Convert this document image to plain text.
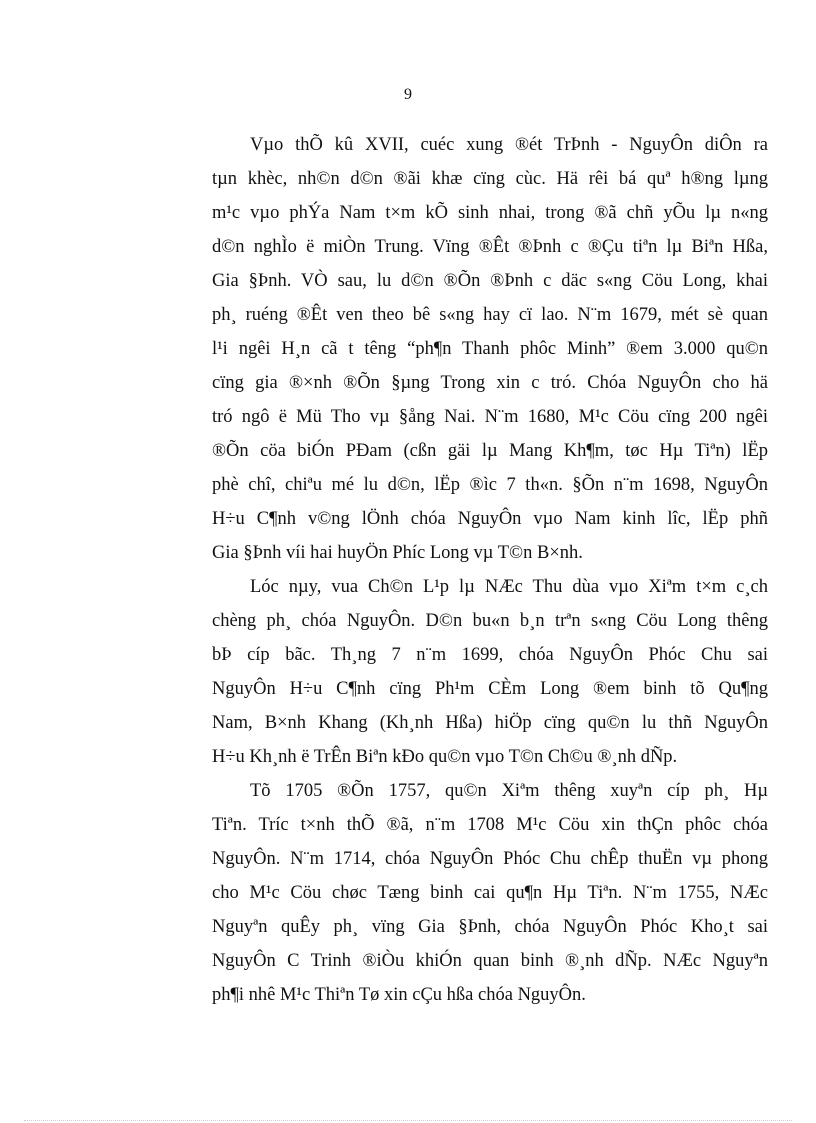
9

Vµo thÕ kû XVII, cuéc xung ®ét TrÞnh - NguyÔn diÔn ra
tµn khèc, nh©n d©n ®ãi khæ cïng cùc. Hä rêi bá quª h®ng lµng
m¹c vµo phÝa Nam t×m kÕ sinh nhai, trong ®ã chñ yÕu lµ n«ng
d©n nghÌo ë miÒn Trung. Vïng ®Êt ®Þnh c ®Çu tiªn lµ Biªn Hßa,
Gia §Þnh. VÒ sau, lu d©n ®Õn ®Þnh c däc s«ng Cöu Long, khai
ph¸ ruéng ®Êt ven theo bê s«ng hay cï lao. N¨m 1679, mét sè quan
l¹i ngêi H¸n cã t têng “ph¶n Thanh phôc Minh” ®em 3.000 qu©n
cïng gia ®×nh ®Õn §µng Trong xin c tró. Chóa NguyÔn cho hä
tró ngô ë Mü Tho vµ §ång Nai. N¨m 1680, M¹c Cöu cïng 200 ngêi
®Õn cöa biÓn PÐam (cßn gäi lµ Mang Kh¶m, tøc Hµ Tiªn) lËp
phè chî, chiªu mé lu d©n, lËp ®ìc 7 th«n. §Õn n¨m 1698, NguyÔn
H÷u C¶nh v©ng lÖnh chóa NguyÔn vµo Nam kinh lîc, lËp phñ
Gia §Þnh víi hai huyÖn Phíc Long vµ T©n B×nh.

Lóc nµy, vua Ch©n L¹p lµ NÆc Thu dùa vµo Xiªm t×m c¸ch
chèng ph¸ chóa NguyÔn. D©n bu«n b¸n trªn s«ng Cöu Long thêng
bÞ cíp bãc. Th¸ng 7 n¨m 1699, chóa NguyÔn Phóc Chu sai
NguyÔn H÷u C¶nh cïng Ph¹m CÈm Long ®em binh tõ Qu¶ng
Nam, B×nh Khang (Kh¸nh Hßa) hiÖp cïng qu©n lu thñ NguyÔn
H÷u Kh¸nh ë TrÊn Biªn kÐo qu©n vµo T©n Ch©u ®¸nh dÑp.

Tõ 1705 ®Õn 1757, qu©n Xiªm thêng xuyªn cíp ph¸ Hµ
Tiªn. Tríc t×nh thÕ ®ã, n¨m 1708 M¹c Cöu xin thÇn phôc chóa
NguyÔn. N¨m 1714, chóa NguyÔn Phóc Chu chÊp thuËn vµ phong
cho M¹c Cöu chøc Tæng binh cai qu¶n Hµ Tiªn. N¨m 1755, NÆc
Nguyªn quÊy ph¸ vïng Gia §Þnh, chóa NguyÔn Phóc Kho¸t sai
NguyÔn C Trinh ®iÒu khiÓn quan binh ®¸nh dÑp. NÆc Nguyªn
ph¶i nhê M¹c Thiªn Tø xin cÇu hßa chóa NguyÔn.
